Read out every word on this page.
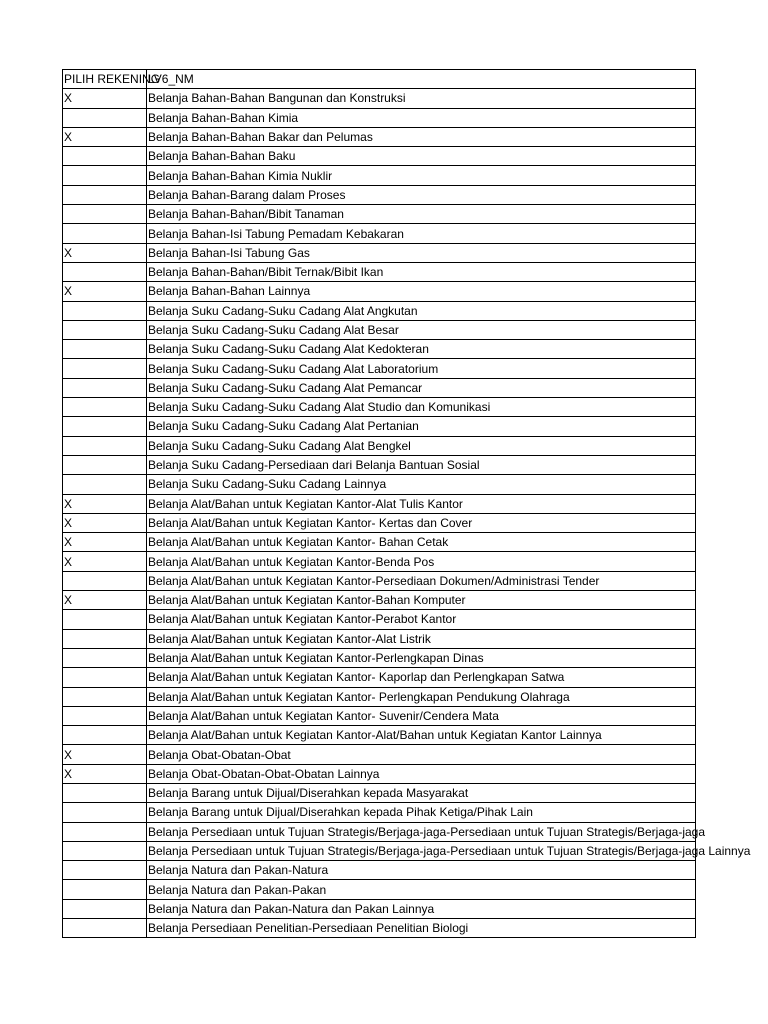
PILIH REKENING	LV6_NM
X	Belanja Bahan-Bahan Bangunan dan Konstruksi
	Belanja Bahan-Bahan Kimia
X	Belanja Bahan-Bahan Bakar dan Pelumas
	Belanja Bahan-Bahan Baku
	Belanja Bahan-Bahan Kimia Nuklir
	Belanja Bahan-Barang dalam Proses
	Belanja Bahan-Bahan/Bibit Tanaman
	Belanja Bahan-Isi Tabung Pemadam Kebakaran
X	Belanja Bahan-Isi Tabung Gas
	Belanja Bahan-Bahan/Bibit Ternak/Bibit Ikan
X	Belanja Bahan-Bahan Lainnya
	Belanja Suku Cadang-Suku Cadang Alat Angkutan
	Belanja Suku Cadang-Suku Cadang Alat Besar
	Belanja Suku Cadang-Suku Cadang Alat Kedokteran
	Belanja Suku Cadang-Suku Cadang Alat Laboratorium
	Belanja Suku Cadang-Suku Cadang Alat Pemancar
	Belanja Suku Cadang-Suku Cadang Alat Studio dan Komunikasi
	Belanja Suku Cadang-Suku Cadang Alat Pertanian
	Belanja Suku Cadang-Suku Cadang Alat Bengkel
	Belanja Suku Cadang-Persediaan dari Belanja Bantuan Sosial
	Belanja Suku Cadang-Suku Cadang Lainnya
X	Belanja Alat/Bahan untuk Kegiatan Kantor-Alat Tulis Kantor
X	Belanja Alat/Bahan untuk Kegiatan Kantor- Kertas dan Cover
X	Belanja Alat/Bahan untuk Kegiatan Kantor- Bahan Cetak
X	Belanja Alat/Bahan untuk Kegiatan Kantor-Benda Pos
	Belanja Alat/Bahan untuk Kegiatan Kantor-Persediaan Dokumen/Administrasi Tender
X	Belanja Alat/Bahan untuk Kegiatan Kantor-Bahan Komputer
	Belanja Alat/Bahan untuk Kegiatan Kantor-Perabot Kantor
	Belanja Alat/Bahan untuk Kegiatan Kantor-Alat Listrik
	Belanja Alat/Bahan untuk Kegiatan Kantor-Perlengkapan Dinas
	Belanja Alat/Bahan untuk Kegiatan Kantor- Kaporlap dan Perlengkapan Satwa
	Belanja Alat/Bahan untuk Kegiatan Kantor- Perlengkapan Pendukung Olahraga
	Belanja Alat/Bahan untuk Kegiatan Kantor- Suvenir/Cendera Mata
	Belanja Alat/Bahan untuk Kegiatan Kantor-Alat/Bahan untuk Kegiatan Kantor Lainnya
X	Belanja Obat-Obatan-Obat
X	Belanja Obat-Obatan-Obat-Obatan Lainnya
	Belanja Barang untuk Dijual/Diserahkan kepada Masyarakat
	Belanja Barang untuk Dijual/Diserahkan kepada Pihak Ketiga/Pihak Lain
	Belanja Persediaan untuk Tujuan Strategis/Berjaga-jaga-Persediaan untuk Tujuan Strategis/Berjaga-jaga
	Belanja Persediaan untuk Tujuan Strategis/Berjaga-jaga-Persediaan untuk Tujuan Strategis/Berjaga-jaga Lainnya
	Belanja Natura dan Pakan-Natura
	Belanja Natura dan Pakan-Pakan
	Belanja Natura dan Pakan-Natura dan Pakan Lainnya
	Belanja Persediaan Penelitian-Persediaan Penelitian Biologi
